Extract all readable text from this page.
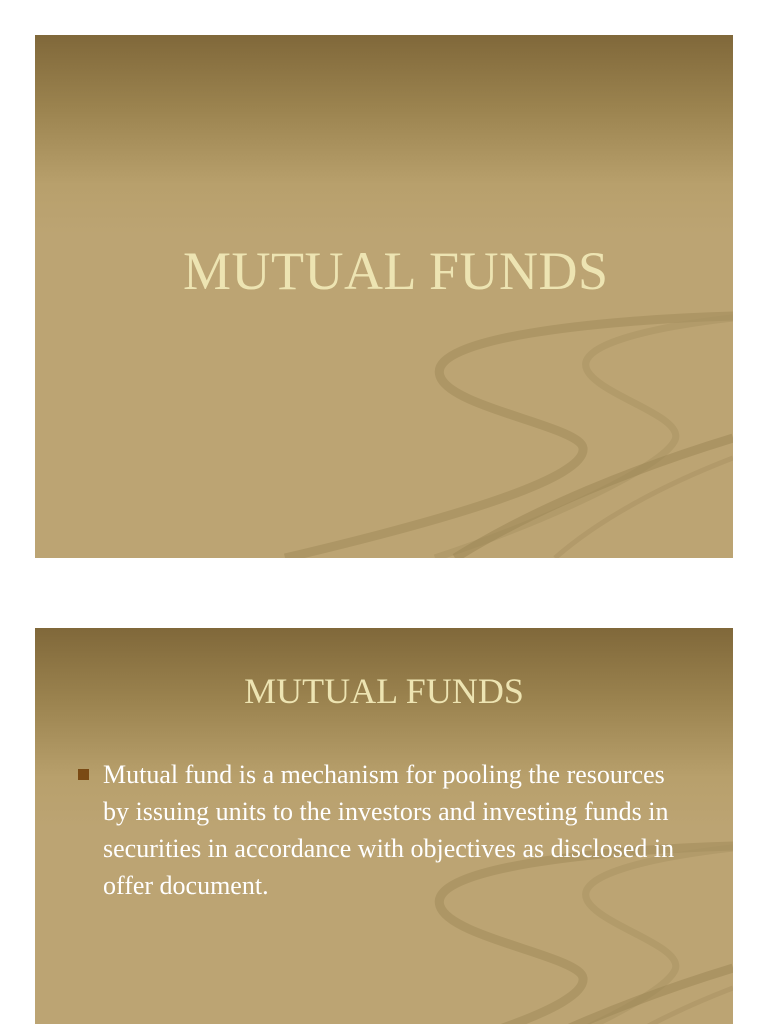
MUTUAL FUNDS
MUTUAL FUNDS
Mutual fund is a mechanism for pooling the resources by issuing units to the investors and investing funds in securities in accordance with objectives as disclosed in offer document.
